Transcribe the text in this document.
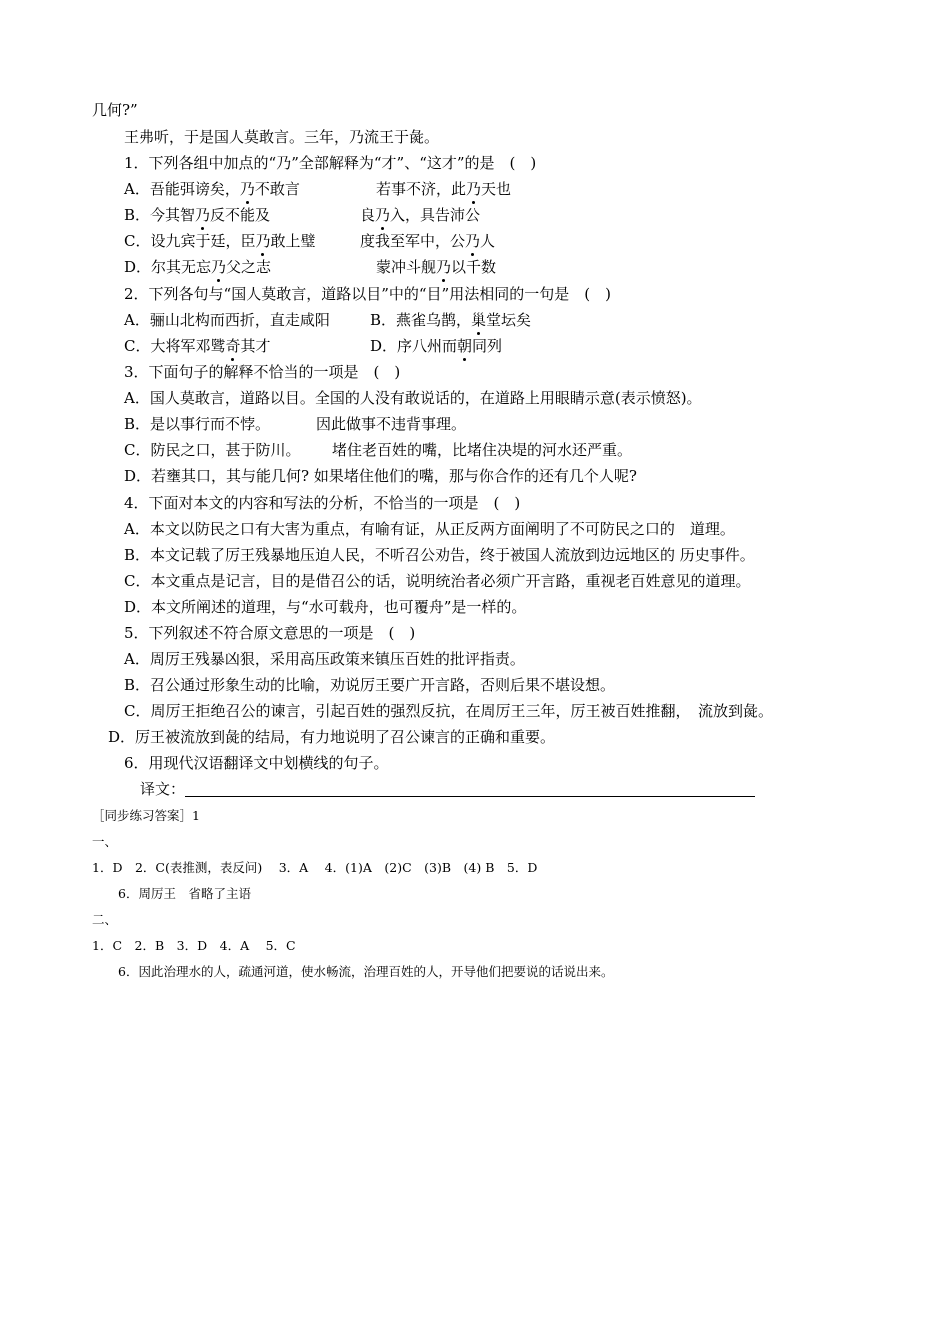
几何?”
王弗听，于是国人莫敢言。三年，乃流王于彘。
1．下列各组中加点的“乃”全部解释为“才”、“这才”的是　(　)
A．吾能弭谤矣，乃不敢言	若事不济，此乃天也
B．今其智乃反不能及	良乃入，具告沛公
C．设九宾于廷，臣乃敢上璧	度我至军中，公乃人
D．尔其无忘乃父之志	蒙冲斗舰乃以千数
2．下列各句与“国人莫敢言，道路以目”中的“目”用法相同的一句是　(　)
A．骊山北构而西折，直走咸阳	B．燕雀乌鹊，巢堂坛矣
C．大将军邓骘奇其才	D．序八州而朝同列
3．下面句子的解释不恰当的一项是　(　)
A．国人莫敢言，道路以目。全国的人没有敢说话的，在道路上用眼睛示意(表示愤怒)。
B．是以事行而不悖。	因此做事不违背事理。
C．防民之口，甚于防川。 堵住老百姓的嘴，比堵住决堤的河水还严重。
D．若壅其口，其与能几何? 如果堵住他们的嘴，那与你合作的还有几个人呢?
4．下面对本文的内容和写法的分析，不恰当的一项是　(　)
A．本文以防民之口有大害为重点，有喻有证，从正反两方面阐明了不可防民之口的　道理。
B．本文记载了厉王残暴地压迫人民，不听召公劝告，终于被国人流放到边远地区的 历史事件。
C．本文重点是记言，目的是借召公的话，说明统治者必须广开言路，重视老百姓意见的道理。
D．本文所阐述的道理，与“水可载舟，也可覆舟”是一样的。
5．下列叙述不符合原文意思的一项是　(　)
A．周厉王残暴凶狠，采用高压政策来镇压百姓的批评指责。
B．召公通过形象生动的比喻，劝说厉王要广开言路，否则后果不堪设想。
C．周厉王拒绝召公的谏言，引起百姓的强烈反抗，在周厉王三年，厉王被百姓推翻，　流放到彘。
D．厉王被流放到彘的结局，有力地说明了召公谏言的正确和重要。
6．用现代汉语翻译文中划横线的句子。
译文：
［同步练习答案］1
一、
1．D　2．C(表推测，表反问)　 3．A　 4．(1)A　(2)C　(3)B　(4) B　5．D
6．周厉王　省略了主语
二、
1．C　2．B　3．D　4．A　 5．C
6．因此治理水的人，疏通河道，使水畅流，治理百姓的人，开导他们把要说的话说出来。
